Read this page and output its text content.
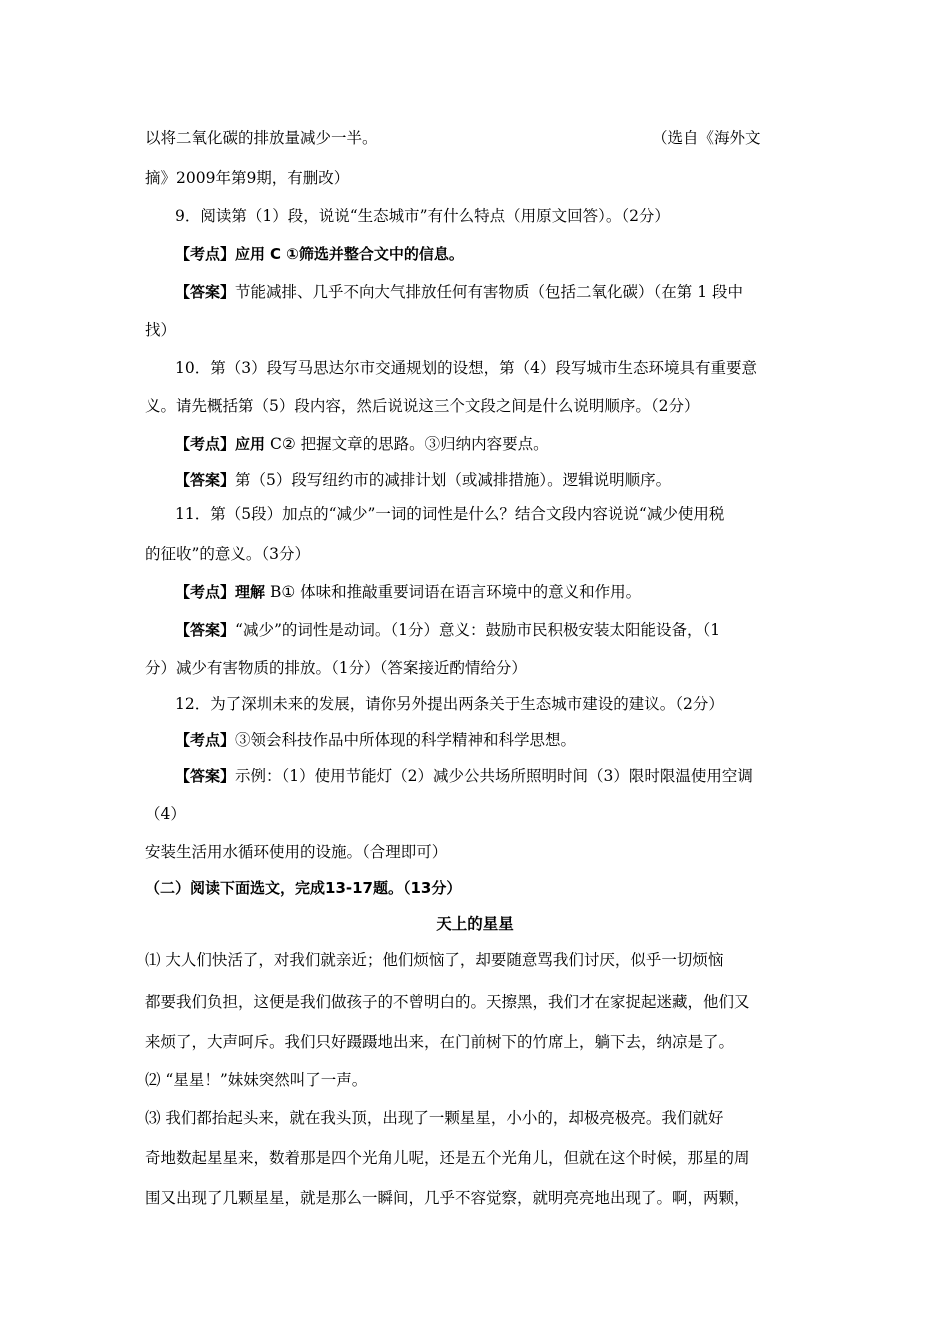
以将二氧化碳的排放量减少一半。	（选自《海外文
摘》2009年第9期，有删改）
9．阅读第（1）段，说说“生态城市”有什么特点（用原文回答）。（2分）
【考点】应用 C ①筛选并整合文中的信息。
【答案】节能减排、几乎不向大气排放任何有害物质（包括二氧化碳）（在第 1 段中
找）
10．第（3）段写马思达尔市交通规划的设想，第（4）段写城市生态环境具有重要意
义。请先概括第（5）段内容，然后说说这三个文段之间是什么说明顺序。（2分）
【考点】应用 C② 把握文章的思路。③归纳内容要点。
【答案】第（5）段写纽约市的减排计划（或减排措施）。逻辑说明顺序。
11．第（5段）加点的“减少”一词的词性是什么？结合文段内容说说“减少使用税
的征收”的意义。（3分）
【考点】理解 B① 体味和推敲重要词语在语言环境中的意义和作用。
【答案】“减少”的词性是动词。（1分）意义：鼓励市民积极安装太阳能设备，（1
分）减少有害物质的排放。（1分）（答案接近酌情给分）
12．为了深圳未来的发展，请你另外提出两条关于生态城市建设的建议。（2分）
【考点】③领会科技作品中所体现的科学精神和科学思想。
【答案】示例：（1）使用节能灯（2）减少公共场所照明时间（3）限时限温使用空调
（4）
安装生活用水循环使用的设施。（合理即可）
（二）阅读下面选文，完成13-17题。（13分）
天上的星星
⑴ 大人们快活了，对我们就亲近；他们烦恼了，却要随意骂我们讨厌，似乎一切烦恼
都要我们负担，这便是我们做孩子的不曾明白的。天擦黑，我们才在家捉起迷藏，他们又
来烦了，大声呵斥。我们只好蹑蹑地出来，在门前树下的竹席上，躺下去，纳凉是了。
⑵ “星星！”妹妹突然叫了一声。
⑶ 我们都抬起头来，就在我头顶，出现了一颗星星，小小的，却极亮极亮。我们就好
奇地数起星星来，数着那是四个光角儿呢，还是五个光角儿，但就在这个时候，那星的周
围又出现了几颗星星，就是那么一瞬间，几乎不容觉察，就明亮亮地出现了。啊，两颗，
